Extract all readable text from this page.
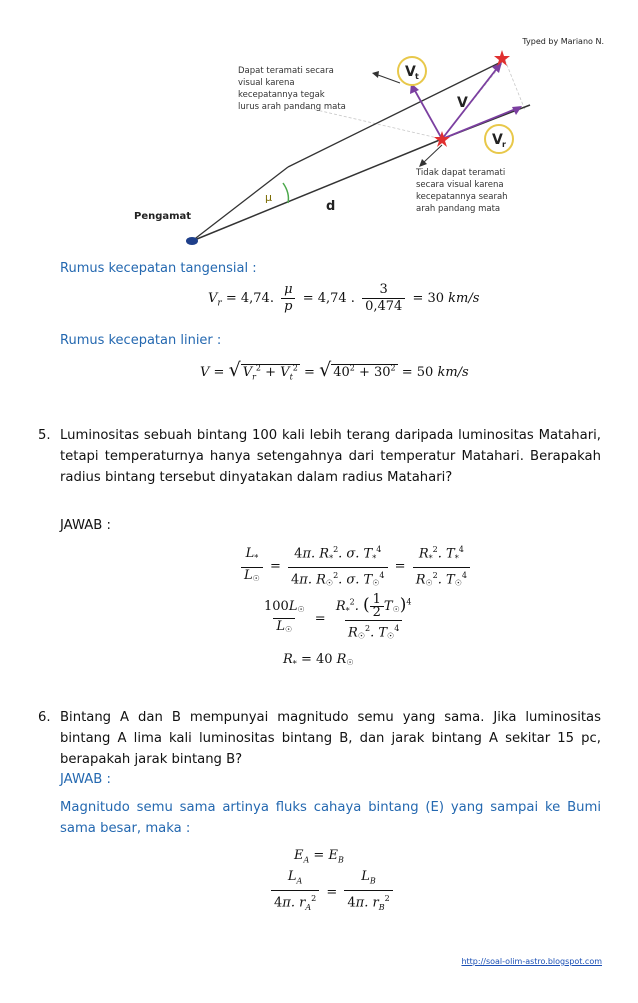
Typed by Mariano N.
V t
V r
V
μ
d
Dapat teramati secara visual karena kecepatannya tegak lurus arah pandang mata
Tidak dapat teramati secara visual karena kecepatannya searah arah pandang mata
Pengamat
Rumus kecepatan tangensial :
$V_r = 4,74$. $\frac{\mu}{p} = 4,74$ . $\frac{3}{0,474} = 30$ km/s
Rumus kecepatan linier :
V = √ $V_r^2 + V_t^2$ = √ $40^2 + 30^2 = 50$ km/s
5. Luminositas sebuah bintang 100 kali lebih terang daripada luminositas Matahari, tetapi temperaturnya hanya setengahnya dari temperatur Matahari. Berapakah radius bintang tersebut dinyatakan dalam radius Matahari?
JAWAB :
$\frac{L_*}{L☉} = \frac{4\pi. R_*^2. \sigma. T_*^4}{4\pi. R☉^2. \sigma. T☉^4} = \frac{R_*^2. T_*^4}{R☉^2. T☉^4}$
$\frac{100L☉}{L☉} = \frac{R_*^2. ( \frac{1}{2} T☉)^4}{R☉^2. T☉^4}$
$R_* = 40$ R☉
6. Bintang A dan B mempunyai magnitudo semu yang sama. Jika luminositas bintang A lima kali luminositas bintang B, dan jarak bintang A sekitar 15 pc, berapakah jarak bintang B?
JAWAB :
Magnitudo semu sama artinya fluks cahaya bintang (E) yang sampai ke Bumi sama besar, maka :
$E_A = E_B$
$\frac{L_A}{4\pi. r_A^2} = \frac{L_B}{4\pi. r_B^2}$
http://soal-olim-astro.blogspot.com
